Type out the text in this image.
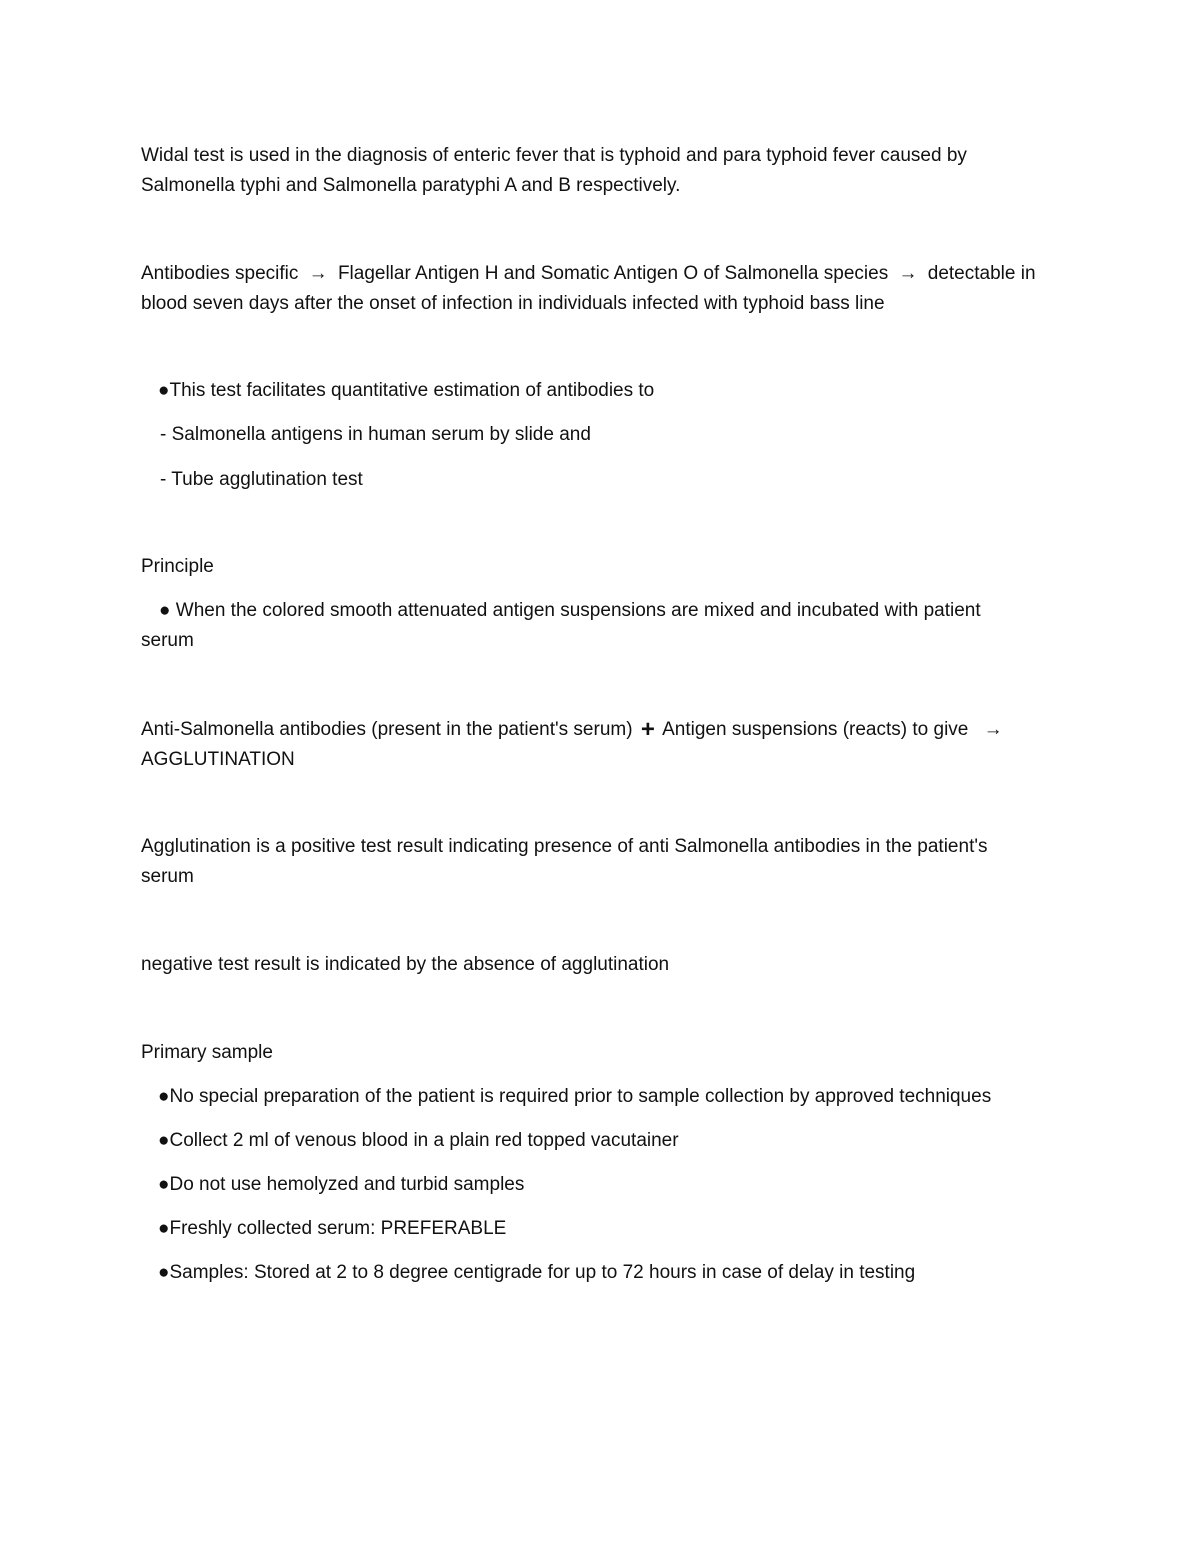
Widal test is used in the diagnosis of enteric fever that is typhoid and para typhoid fever caused by
Salmonella typhi and Salmonella paratyphi A and B respectively.

Antibodies specific → Flagellar Antigen H and Somatic Antigen O of Salmonella species → detectable in
blood seven days after the onset of infection in individuals infected with typhoid bass line

●This test facilitates quantitative estimation of antibodies to

- Salmonella antigens in human serum by slide and

- Tube agglutination test

Principle

● When the colored smooth attenuated antigen suspensions are mixed and incubated with patient
serum

Anti-Salmonella antibodies (present in the patient's serum) + Antigen suspensions (reacts) to give →
AGGLUTINATION

Agglutination is a positive test result indicating presence of anti Salmonella antibodies in the patient's
serum

negative test result is indicated by the absence of agglutination

Primary sample

●No special preparation of the patient is required prior to sample collection by approved techniques

●Collect 2 ml of venous blood in a plain red topped vacutainer

●Do not use hemolyzed and turbid samples

●Freshly collected serum: PREFERABLE

●Samples: Stored at 2 to 8 degree centigrade for up to 72 hours in case of delay in testing
